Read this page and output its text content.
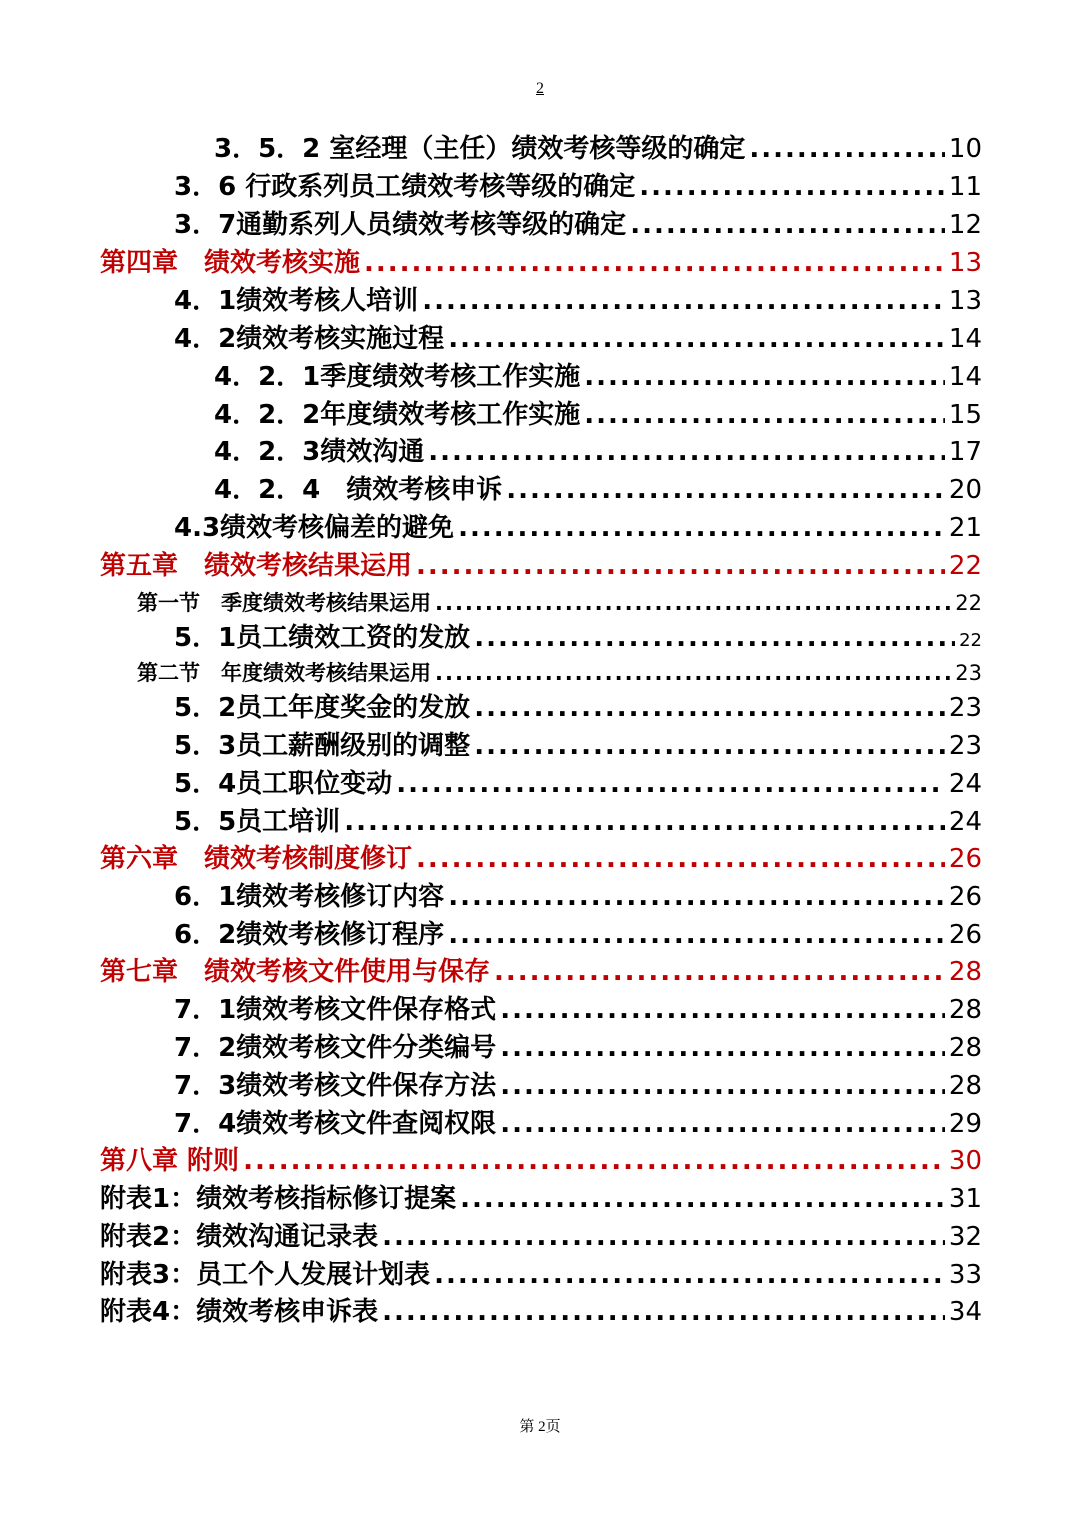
2
3．5．2 室经理（主任）绩效考核等级的确定 .....	10
3．6 行政系列员工绩效考核等级的确定 .....	11
3．7通勤系列人员绩效考核等级的确定 .....	12
第四章　绩效考核实施 .....	13
4．1绩效考核人培训 .....	13
4．2绩效考核实施过程 .....	14
4．2．1季度绩效考核工作实施 .....	14
4．2．2年度绩效考核工作实施 .....	15
4．2．3绩效沟通 .....	17
4．2．4　绩效考核申诉 .....	20
4.3绩效考核偏差的避免 .....	21
第五章　绩效考核结果运用 .....	22
第一节　季度绩效考核结果运用 .....	22
5．1员工绩效工资的发放 .....	22
第二节　年度绩效考核结果运用 .....	23
5．2员工年度奖金的发放 .....	23
5．3员工薪酬级别的调整 .....	23
5．4员工职位变动 .....	24
5．5员工培训 .....	24
第六章　绩效考核制度修订 .....	26
6．1绩效考核修订内容 .....	26
6．2绩效考核修订程序 .....	26
第七章　绩效考核文件使用与保存 .....	28
7．1绩效考核文件保存格式 .....	28
7．2绩效考核文件分类编号 .....	28
7．3绩效考核文件保存方法 .....	28
7．4绩效考核文件查阅权限 .....	29
第八章 附则 .....	30
附表1：绩效考核指标修订提案 .....	31
附表2：绩效沟通记录表 .....	32
附表3：员工个人发展计划表 .....	33
附表4：绩效考核申诉表 .....	34
第 2页
